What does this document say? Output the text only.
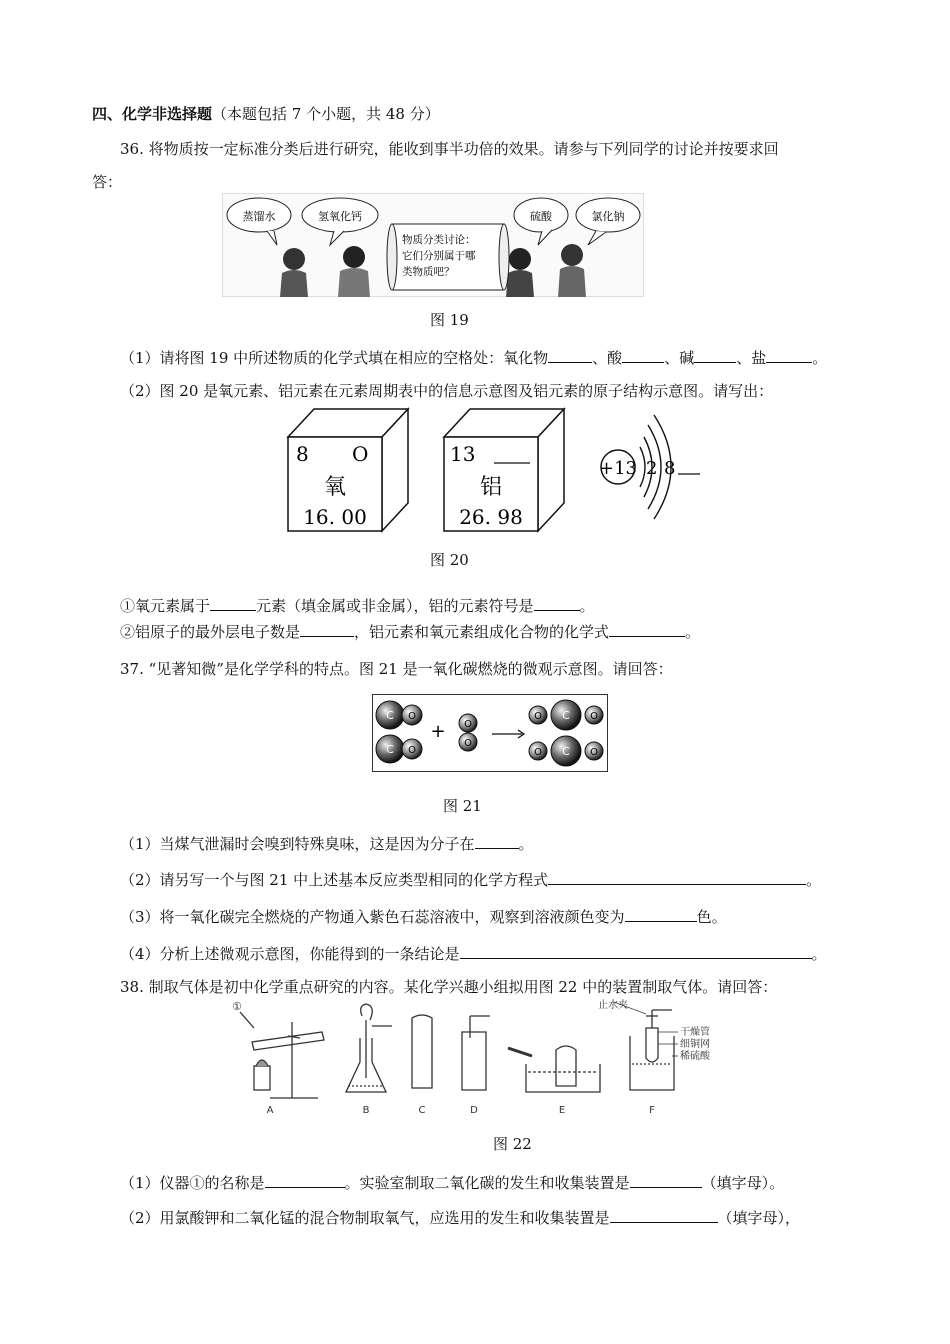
四、化学非选择题（本题包括 7 个小题，共 48 分）
36. 将物质按一定标准分类后进行研究，能收到事半功倍的效果。请参与下列同学的讨论并按要求回
答：
蒸馏水	氢氧化钙	硫酸	氯化钠
物质分类讨论：
它们分别属于哪
类物质吧？
图 19
（1）请将图 19 中所述物质的化学式填在相应的空格处：氧化物	、酸	、碱	、盐	。
（2）图 20 是氧元素、铝元素在元素周期表中的信息示意图及铝元素的原子结构示意图。请写出：
8 O
氧
16. 00
13
铝
26. 98
+13 2 8
图 20
①氧元素属于	元素（填金属或非金属），铝的元素符号是	。
②铝原子的最外层电子数是	，铝元素和氧元素组成化合物的化学式	。
37. “见著知微”是化学学科的特点。图 21 是一氧化碳燃烧的微观示意图。请回答：
C O
C O
+ O
O
O C O
O C O
图 21
（1）当煤气泄漏时会嗅到特殊臭味，这是因为分子在	。
（2）请另写一个与图 21 中上述基本反应类型相同的化学方程式	。
（3）将一氧化碳完全燃烧的产物通入紫色石蕊溶液中，观察到溶液颜色变为	色。
（4）分析上述微观示意图，你能得到的一条结论是	。
38. 制取气体是初中化学重点研究的内容。某化学兴趣小组拟用图 22 中的装置制取气体。请回答：
①
A	B	C	D	E
止水夹
干燥管
细铜网
稀硫酸
F
图 22
（1）仪器①的名称是	。实验室制取二氧化碳的发生和收集装置是	（填字母）。
（2）用氯酸钾和二氧化锰的混合物制取氧气，应选用的发生和收集装置是	（填字母），
